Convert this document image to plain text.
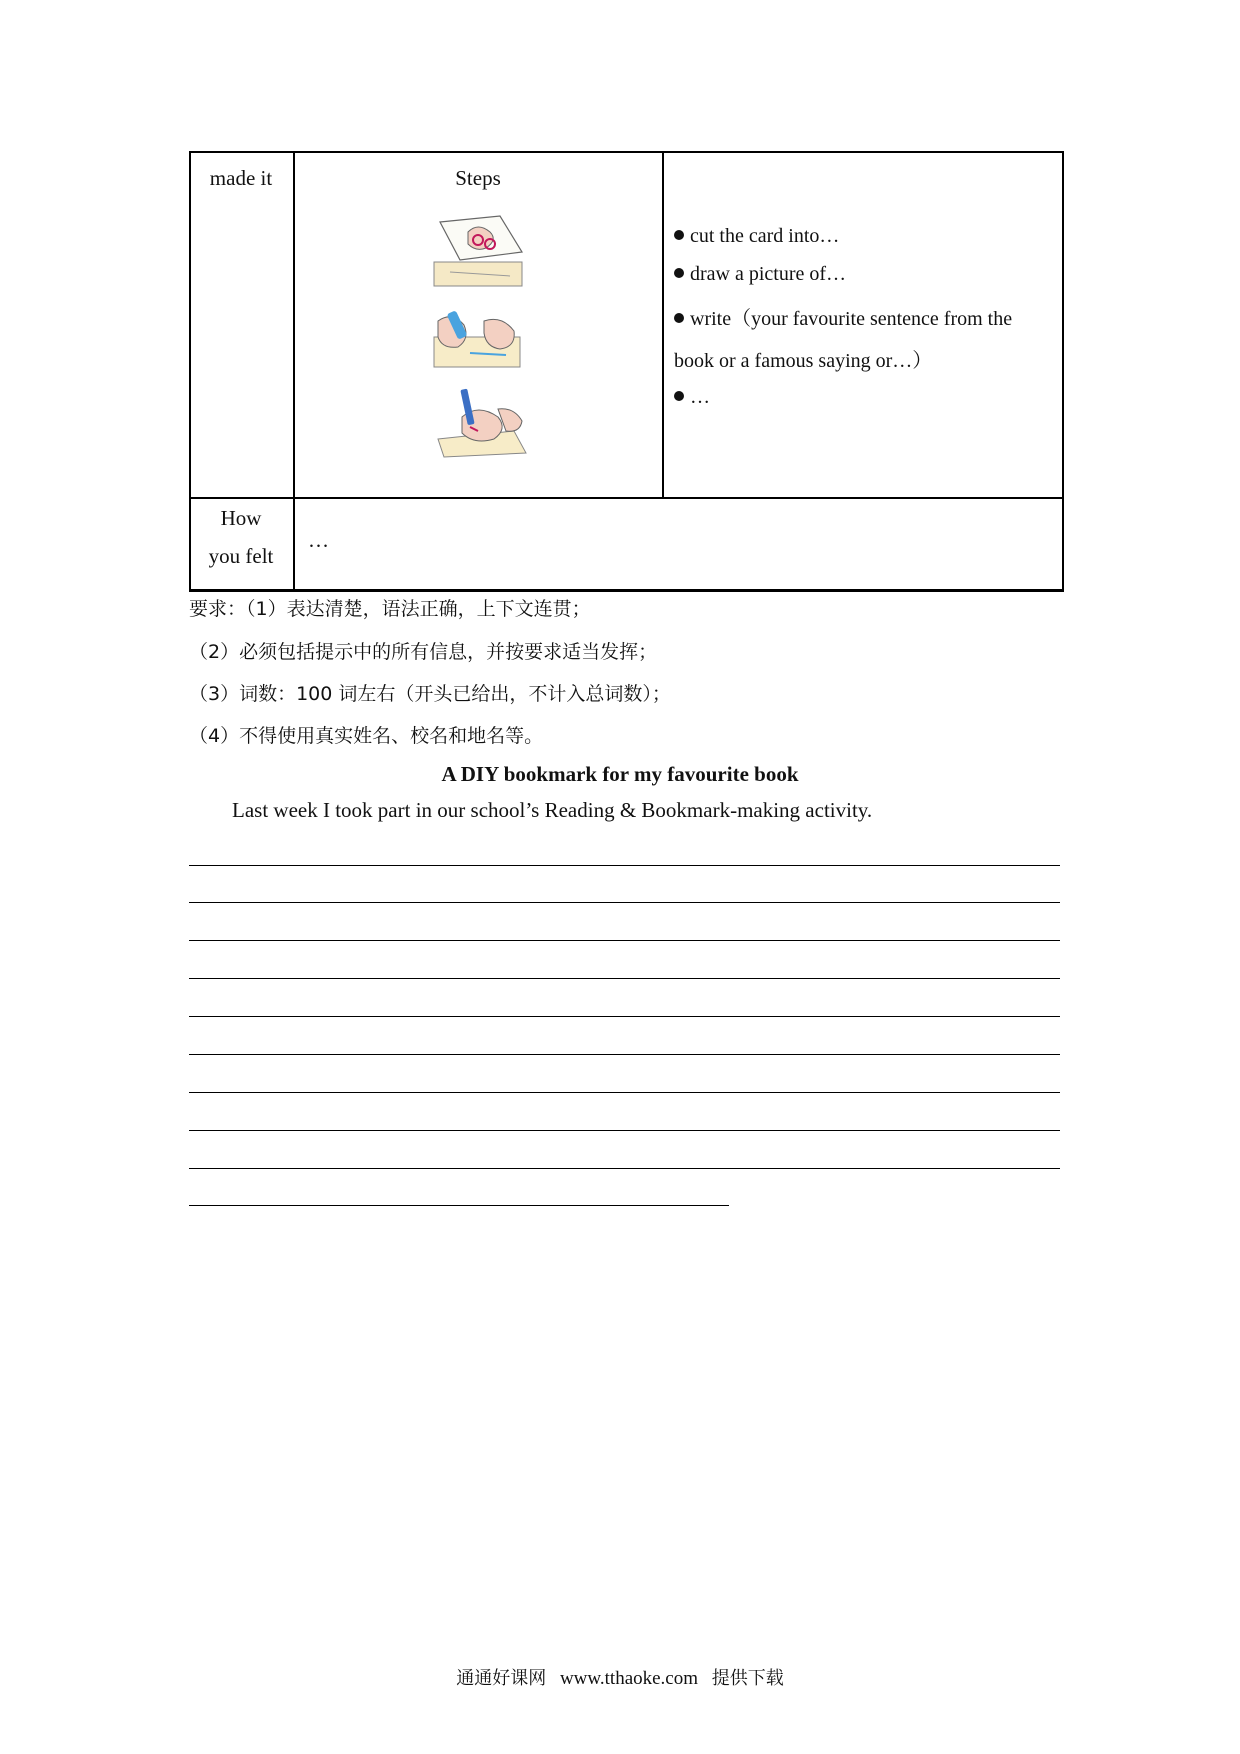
made it	Steps
cut the card into…
draw a picture of…
write（your favourite sentence from the
book or a famous saying or…）
…
How
you felt
…
要求：（1）表达清楚，语法正确，上下文连贯；
（2）必须包括提示中的所有信息，并按要求适当发挥；
（3）词数：100 词左右（开头已给出，不计入总词数）；
（4）不得使用真实姓名、校名和地名等。
A DIY bookmark for my favourite book
Last week I took part in our school’s Reading & Bookmark-making activity.
通通好课网 www.tthaoke.com 提供下载
